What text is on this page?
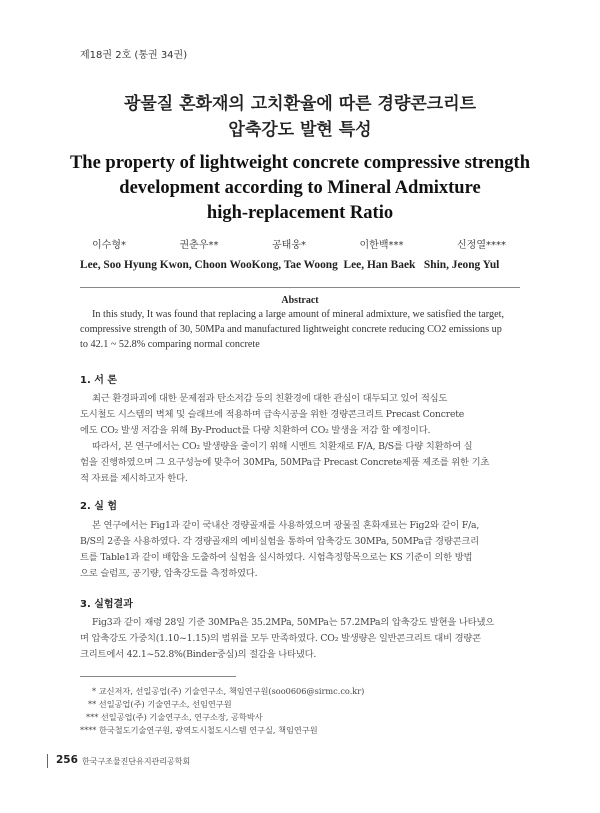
제18권 2호 (통권 34권)
광물질 혼화재의 고치환율에 따른 경량콘크리트
압축강도 발현 특성
The property of lightweight concrete compressive strength
development according to Mineral Admixture
high-replacement Ratio
이수형*	권춘우**	공태웅*	이한백***	신정열****
Lee, Soo Hyung Kwon, Choon WooKong, Tae Woong  Lee, Han Baek   Shin, Jeong Yul
Abstract
In this study, It was found that replacing a large amount of mineral admixture, we satisfied the target,
compressive strength of 30, 50MPa and manufactured lightweight concrete reducing CO2 emissions up
to 42.1 ~ 52.8% comparing normal concrete
1. 서 론
최근 환경파괴에 대한 문제점과 탄소저감 등의 친환경에 대한 관심이 대두되고 있어 적심도
도시철도 시스템의 벽체 및 슬래브에 적용하며 급속시공을 위한 경량콘크리트 Precast Concrete
에도 CO₂ 발생 저감을 위해 By-Product를 다량 치환하여 CO₂ 발생을 저감 할 예정이다.
따라서, 본 연구에서는 CO₂ 발생량을 줄이기 위해 시멘트 치환재로 F/A, B/S를 다량 치환하여 실
험을 진행하였으며 그 요구성능에 맞추어 30MPa, 50MPa급 Precast Concrete제품 제조를 위한 기초
적 자료를 제시하고자 한다.
2. 실 험
본 연구에서는 Fig1과 같이 국내산 경량골재를 사용하였으며 광물질 혼화재료는 Fig2와 같이 F/a,
B/S의 2종을 사용하였다. 각 경량골재의 예비실험을 통하여 압축강도 30MPa, 50MPa급 경량콘크리
트를 Table1과 같이 배합을 도출하여 실험을 실시하였다. 시험측정항목으로는 KS 기준이 의한 방법
으로 슬럼프, 공기량, 압축강도를 측정하였다.
3. 실험결과
Fig3과 같이 재령 28일 기준 30MPa은 35.2MPa, 50MPa는 57.2MPa의 압축강도 발현을 나타냈으
며 압축강도 가중치(1.10~1.15)의 범위를 모두 만족하였다. CO₂ 발생량은 일반콘크리트 대비 경량콘
크리트에서 42.1~52.8%(Binder중심)의 절감을 나타냈다.
* 교신저자, 선일공업(주) 기술연구소, 책임연구원(soo0606@sirmc.co.kr)
** 선일공업(주) 기술연구소, 선임연구원
*** 선일공업(주) 기술연구소, 연구소장, 공학박사
**** 한국철도기술연구원, 광역도시철도시스템 연구실, 책임연구원
256 한국구조물진단유지관리공학회
